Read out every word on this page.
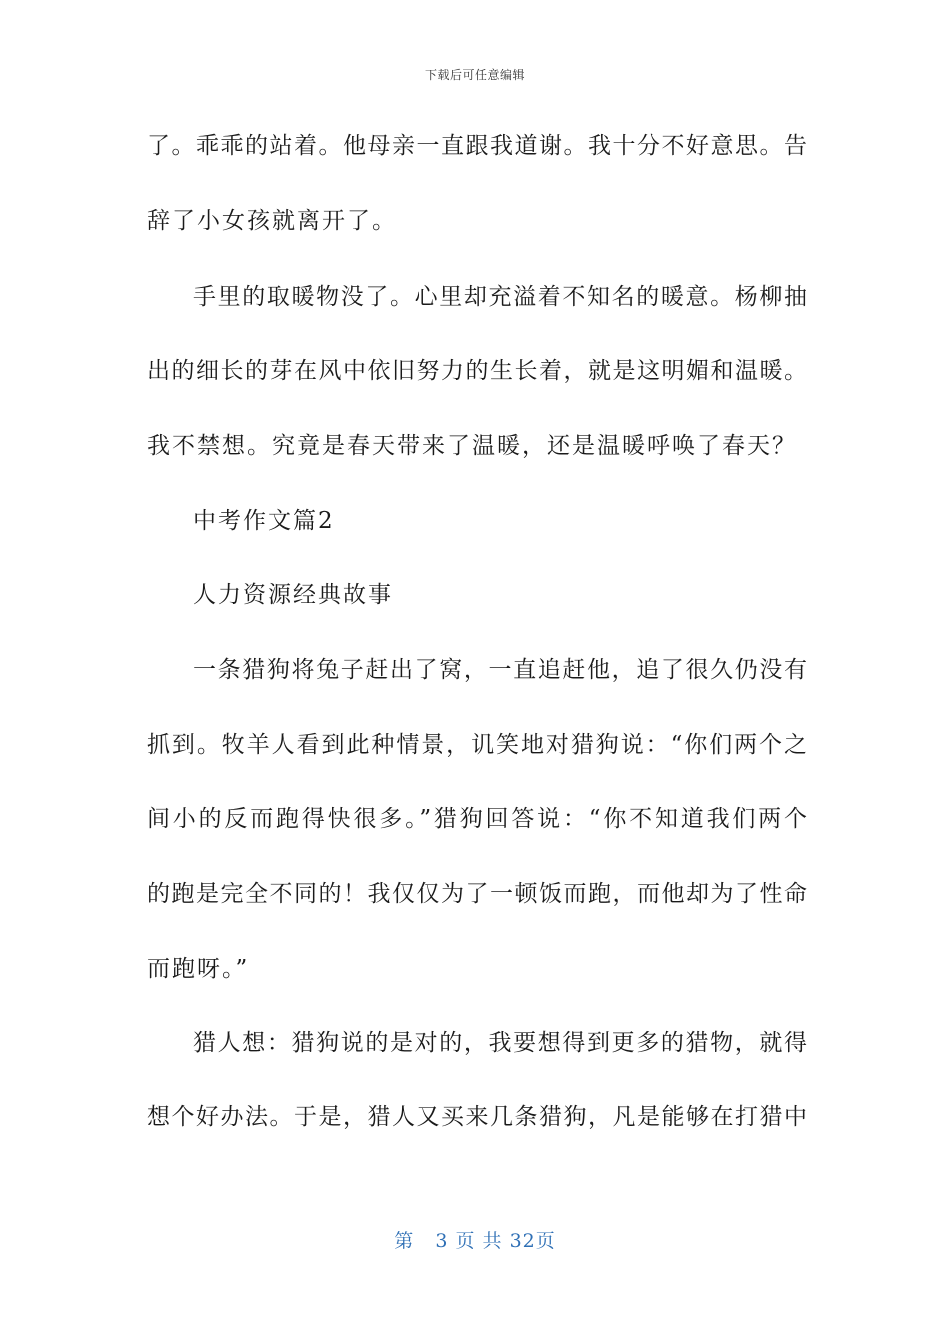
下载后可任意编辑
了。乖乖的站着。他母亲一直跟我道谢。我十分不好意思。告
辞了小女孩就离开了。
手里的取暖物没了。心里却充溢着不知名的暖意。杨柳抽
出的细长的芽在风中依旧努力的生长着，就是这明媚和温暖。
我不禁想。究竟是春天带来了温暖，还是温暖呼唤了春天？
中考作文篇2
人力资源经典故事
一条猎狗将兔子赶出了窝，一直追赶他，追了很久仍没有
抓到。牧羊人看到此种情景，讥笑地对猎狗说：“你们两个之
间小的反而跑得快很多。”猎狗回答说：“你不知道我们两个
的跑是完全不同的！我仅仅为了一顿饭而跑，而他却为了性命
而跑呀。”
猎人想：猎狗说的是对的，我要想得到更多的猎物，就得
想个好办法。于是，猎人又买来几条猎狗，凡是能够在打猎中
第 3 页 共 32页
